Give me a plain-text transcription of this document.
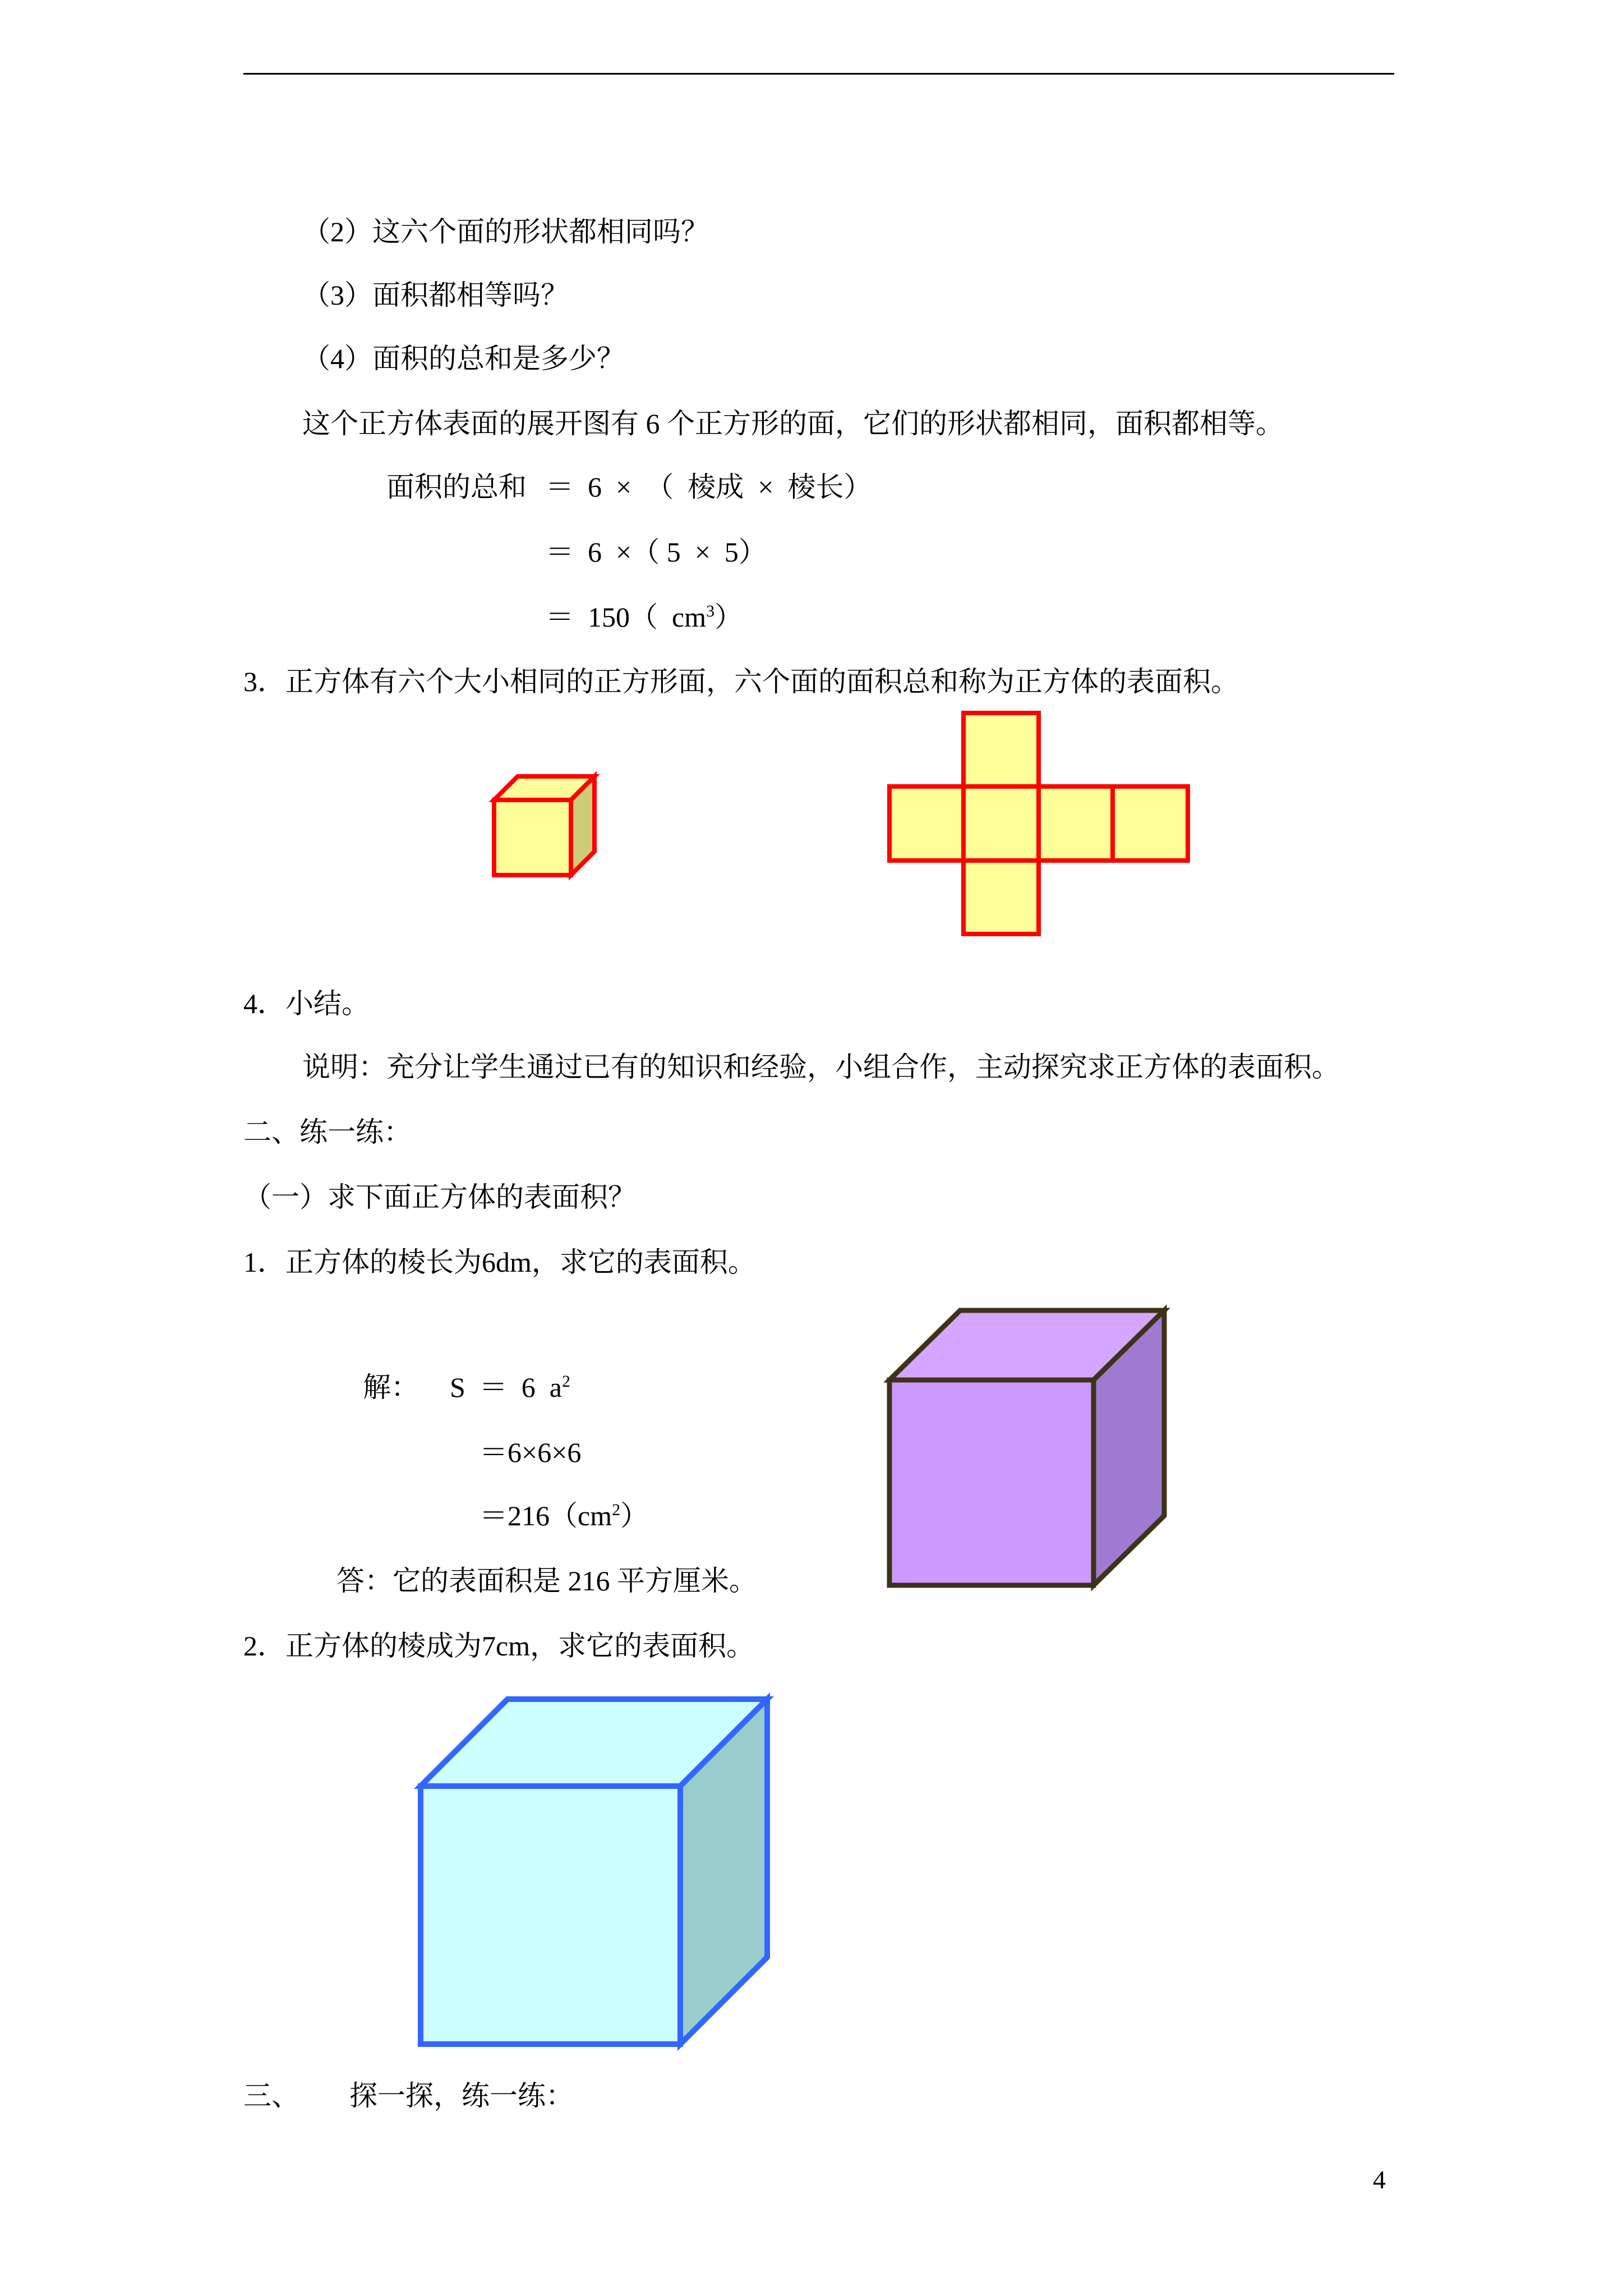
（2）这六个面的形状都相同吗？
（3）面积都相等吗？
（4）面积的总和是多少？
这个正方体表面的展开图有 6 个正方形的面，它们的形状都相同，面积都相等。
面积的总和 ＝  6  ×  （  棱成  ×  棱长）
＝  6  ×（ 5  ×  5）
＝  150（  $cm^3$）
3．正方体有六个大小相同的正方形面，六个面的面积总和称为正方体的表面积。
4．小结。
说明：充分让学生通过已有的知识和经验，小组合作，主动探究求正方体的表面积。
二、练一练：
（一）求下面正方体的表面积？
1．正方体的棱长为6dm，求它的表面积。
解： S  ＝  6  $a^2$
＝6×6×6
$=216(cm^2)$
答：它的表面积是 216 平方厘米。
2．正方体的棱成为7cm，求它的表面积。
三、 探一探，练一练：
4
